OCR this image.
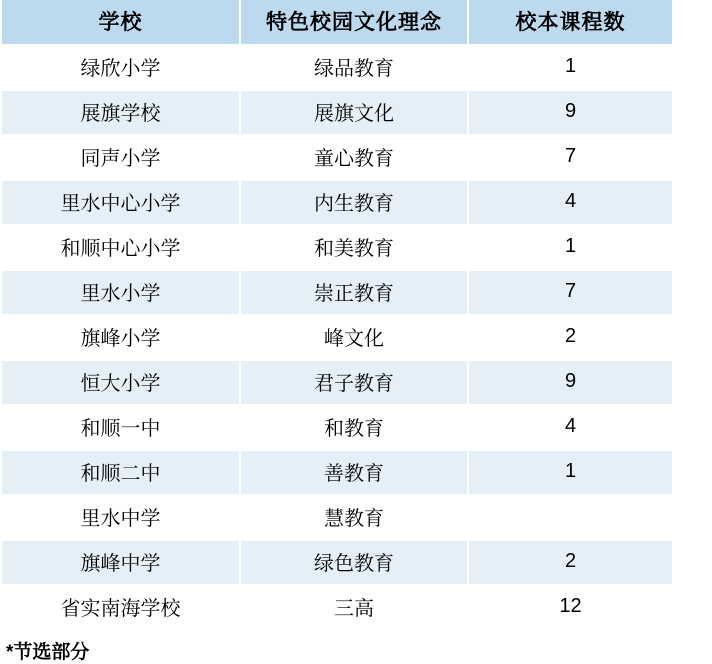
学校	特色校园文化理念	校本课程数
绿欣小学	绿品教育	1
展旗学校	展旗文化	9
同声小学	童心教育	7
里水中心小学	内生教育	4
和顺中心小学	和美教育	1
里水小学	崇正教育	7
旗峰小学	峰文化	2
恒大小学	君子教育	9
和顺一中	和教育	4
和顺二中	善教育	1
里水中学	慧教育	
旗峰中学	绿色教育	2
省实南海学校	三高	12
*节选部分
